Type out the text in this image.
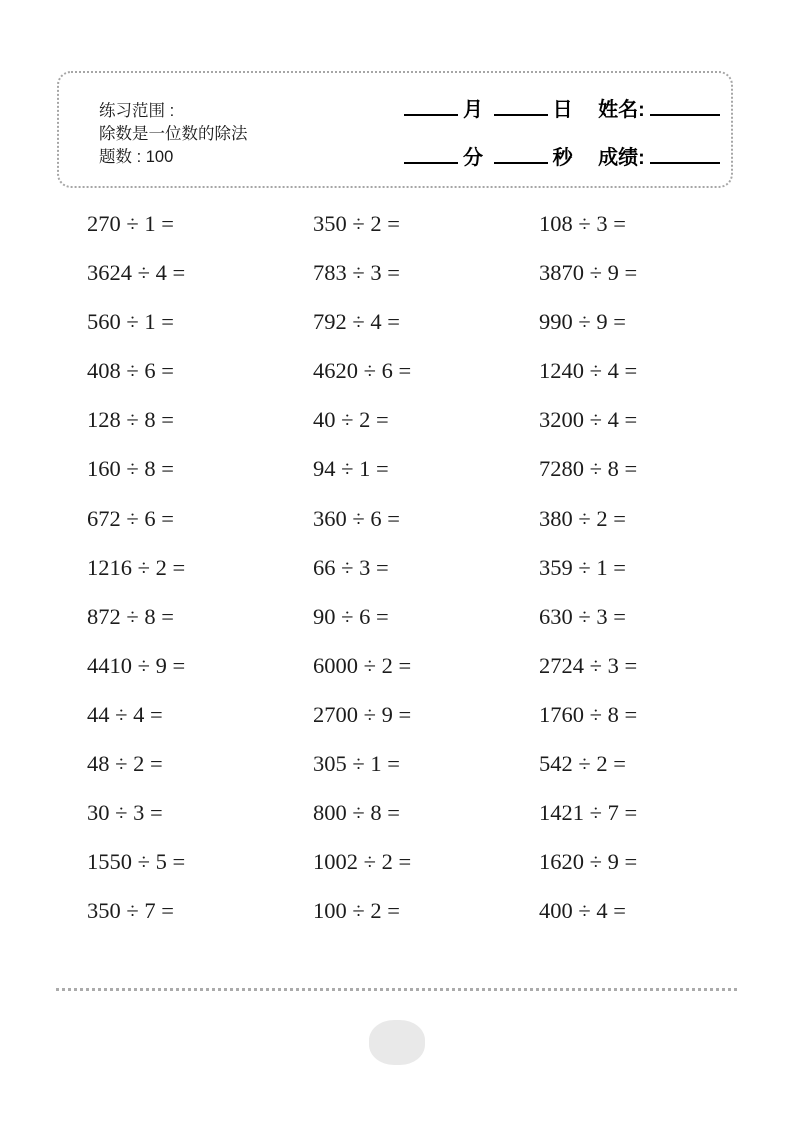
练习范围 :
除数是一位数的除法
题数 : 100
月	日 姓名:
分	秒 成绩:
270 ÷ 1 =
3624 ÷ 4 =
560 ÷ 1 =
408 ÷ 6 =
128 ÷ 8 =
160 ÷ 8 =
672 ÷ 6 =
1216 ÷ 2 =
872 ÷ 8 =
4410 ÷ 9 =
44 ÷ 4 =
48 ÷ 2 =
30 ÷ 3 =
1550 ÷ 5 =
350 ÷ 7 =
350 ÷ 2 =
783 ÷ 3 =
792 ÷ 4 =
4620 ÷ 6 =
40 ÷ 2 =
94 ÷ 1 =
360 ÷ 6 =
66 ÷ 3 =
90 ÷ 6 =
6000 ÷ 2 =
2700 ÷ 9 =
305 ÷ 1 =
800 ÷ 8 =
1002 ÷ 2 =
100 ÷ 2 =
108 ÷ 3 =
3870 ÷ 9 =
990 ÷ 9 =
1240 ÷ 4 =
3200 ÷ 4 =
7280 ÷ 8 =
380 ÷ 2 =
359 ÷ 1 =
630 ÷ 3 =
2724 ÷ 3 =
1760 ÷ 8 =
542 ÷ 2 =
1421 ÷ 7 =
1620 ÷ 9 =
400 ÷ 4 =
